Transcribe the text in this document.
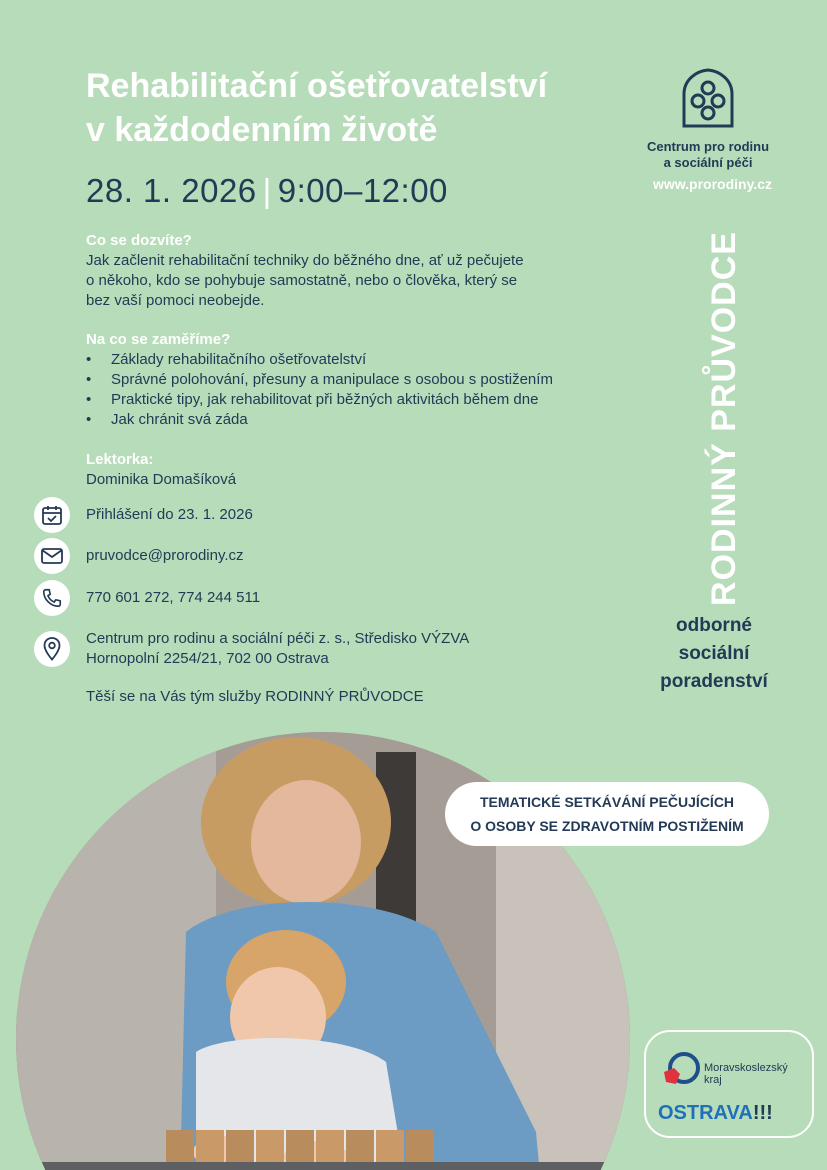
Rehabilitační ošetřovatelství
v každodenním životě
28. 1. 2026 | 9:00–12:00
Co se dozvíte?
Jak začlenit rehabilitační techniky do běžného dne, ať už pečujete
o někoho, kdo se pohybuje samostatně, nebo o člověka, který se
bez vaší pomoci neobejde.
Na co se zaměříme?
• Základy rehabilitačního ošetřovatelství
• Správné polohování, přesuny a manipulace s osobou s postižením
• Praktické tipy, jak rehabilitovat při běžných aktivitách během dne
• Jak chránit svá záda
Lektorka:
Dominika Domašíková
Přihlášení do 23. 1. 2026
pruvodce@prorodiny.cz
770 601 272, 774 244 511
Centrum pro rodinu a sociální péči z. s., Středisko VÝZVA
Hornopolní 2254/21, 702 00 Ostrava
Těší se na Vás tým služby RODINNÝ PRŮVODCE
Centrum pro rodinu
a sociální péči
www.prorodiny.cz
RODINNÝ PRŮVODCE
odborné
sociální
poradenství
TEMATICKÉ SETKÁVÁNÍ PEČUJÍCÍCH
O OSOBY SE ZDRAVOTNÍM POSTIŽENÍM
Moravskoslezský
kraj
OSTRAVA!!!
